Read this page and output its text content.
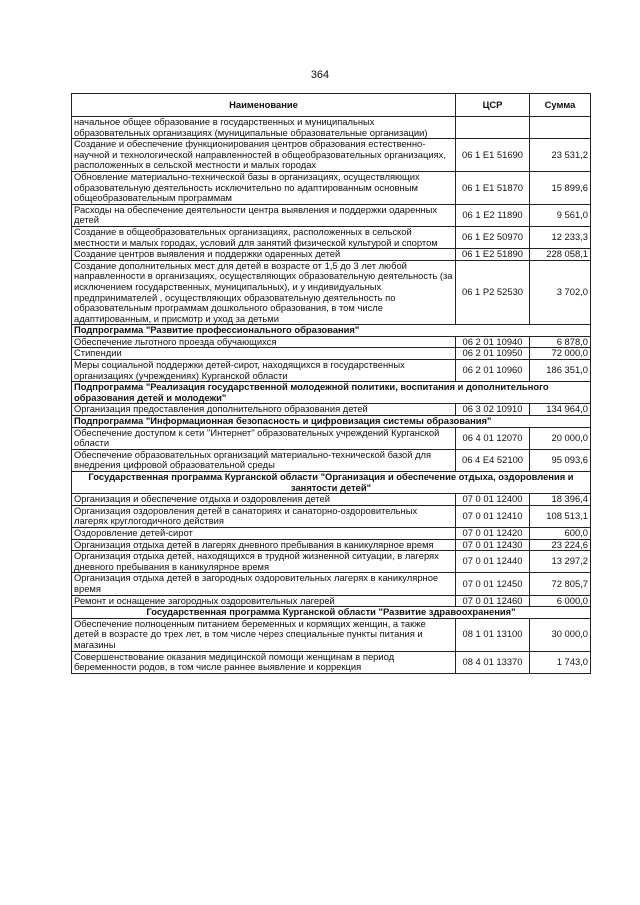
364
Наименование	ЦСР	Сумма
начальное общее образование в государственных и муниципальных образовательных организациях (муниципальные образовательные организации)		
Создание и обеспечение функционирования центров образования естественно-научной и технологической направленностей в общеобразовательных организациях, расположенных в сельской местности и малых городах	06 1 E1 51690	23 531,2
Обновление материально-технической базы в организациях, осуществляющих образовательную деятельность исключительно по адаптированным основным общеобразовательным программам	06 1 E1 51870	15 899,6
Расходы на обеспечение деятельности центра выявления и поддержки одаренных детей	06 1 E2 11890	9 561,0
Создание в общеобразовательных организациях, расположенных в сельской местности и малых городах, условий для занятий физической культурой и спортом	06 1 E2 50970	12 233,3
Создание центров выявления и поддержки одаренных детей	06 1 E2 51890	228 058,1
Создание дополнительных мест для детей в возрасте от 1,5 до 3 лет любой направленности в организациях, осуществляющих образовательную деятельность (за исключением государственных, муниципальных), и у индивидуальных предпринимателей , осуществляющих образовательную деятельность по образовательным программам дошкольного образования, в том числе адаптированным, и присмотр и уход за детьми	06 1 P2 52530	3 702,0
Подпрограмма "Развитие профессионального образования"		
Обеспечение льготного проезда обучающихся	06 2 01 10940	6 878,0
Стипендии	06 2 01 10950	72 000,0
Меры социальной поддержки детей-сирот, находящихся в государственных организациях (учреждениях) Курганской области	06 2 01 10960	186 351,0
Подпрограмма "Реализация государственной молодежной политики, воспитания и дополнительного образования детей и молодежи"		
Организация предоставления дополнительного образования детей	06 3 02 10910	134 964,0
Подпрограмма "Информационная безопасность и цифровизация системы образования"		
Обеспечение доступом к сети "Интернет" образовательных учреждений Курганской области	06 4 01 12070	20 000,0
Обеспечение образовательных организаций материально-технической базой для внедрения цифровой образовательной среды	06 4 E4 52100	95 093,6
Государственная программа Курганской области "Организация и обеспечение отдыха, оздоровления и занятости детей"		
Организация и обеспечение отдыха и оздоровления детей	07 0 01 12400	18 396,4
Организация оздоровления детей в санаториях и санаторно-оздоровительных лагерях круглогодичного действия	07 0 01 12410	108 513,1
Оздоровление детей-сирот	07 0 01 12420	600,0
Организация отдыха детей в лагерях дневного пребывания в каникулярное время	07 0 01 12430	23 224,6
Организация отдыха детей, находящихся в трудной жизненной ситуации, в лагерях дневного пребывания в каникулярное время	07 0 01 12440	13 297,2
Организация отдыха детей в загородных оздоровительных лагерях в каникулярное время	07 0 01 12450	72 805,7
Ремонт и оснащение загородных оздоровительных лагерей	07 0 01 12460	6 000,0
Государственная программа Курганской области "Развитие здравоохранения"		
Обеспечение полноценным питанием беременных и кормящих женщин, а также детей в возрасте до трех лет, в том числе через специальные пункты питания и магазины	08 1 01 13100	30 000,0
Совершенствование оказания медицинской помощи женщинам в период беременности родов, в том числе раннее выявление и коррекция	08 4 01 13370	1 743,0
